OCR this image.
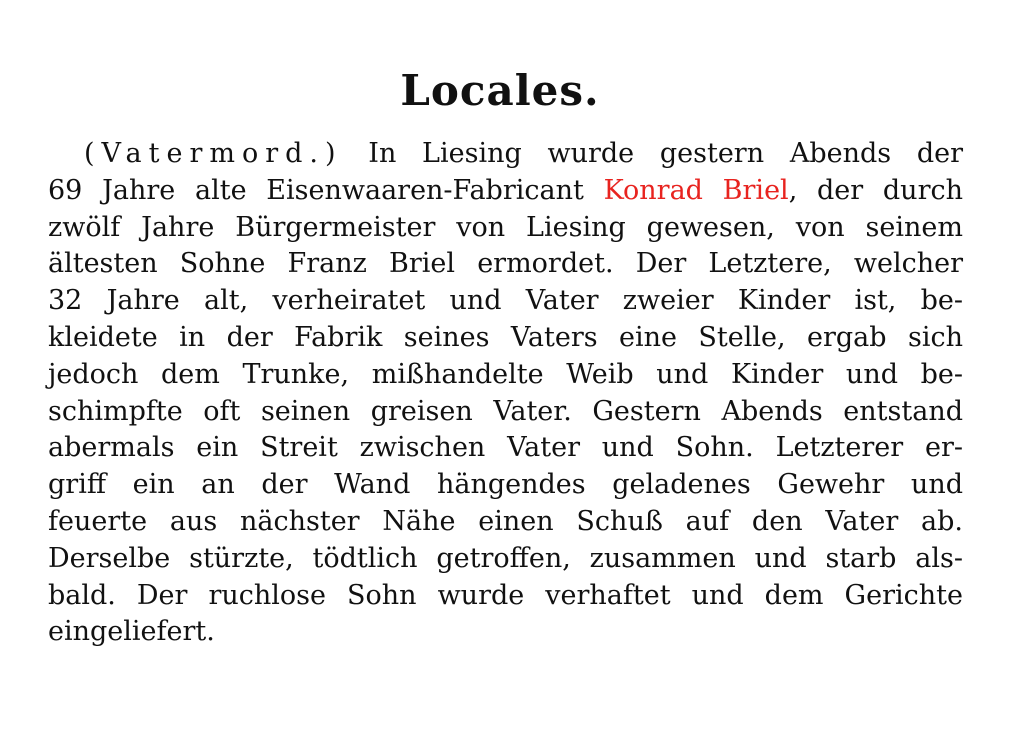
Locales.
(Vatermord.) In Liesing wurde gestern Abends der
69 Jahre alte Eisenwaaren-Fabricant Konrad Briel, der durch
zwölf Jahre Bürgermeister von Liesing gewesen, von seinem
ältesten Sohne Franz Briel ermordet. Der Letztere, welcher
32 Jahre alt, verheiratet und Vater zweier Kinder ist, be-
kleidete in der Fabrik seines Vaters eine Stelle, ergab sich
jedoch dem Trunke, mißhandelte Weib und Kinder und be-
schimpfte oft seinen greisen Vater. Gestern Abends entstand
abermals ein Streit zwischen Vater und Sohn. Letzterer er-
griff ein an der Wand hängendes geladenes Gewehr und
feuerte aus nächster Nähe einen Schuß auf den Vater ab.
Derselbe stürzte, tödtlich getroffen, zusammen und starb als-
bald. Der ruchlose Sohn wurde verhaftet und dem Gerichte
eingeliefert.
